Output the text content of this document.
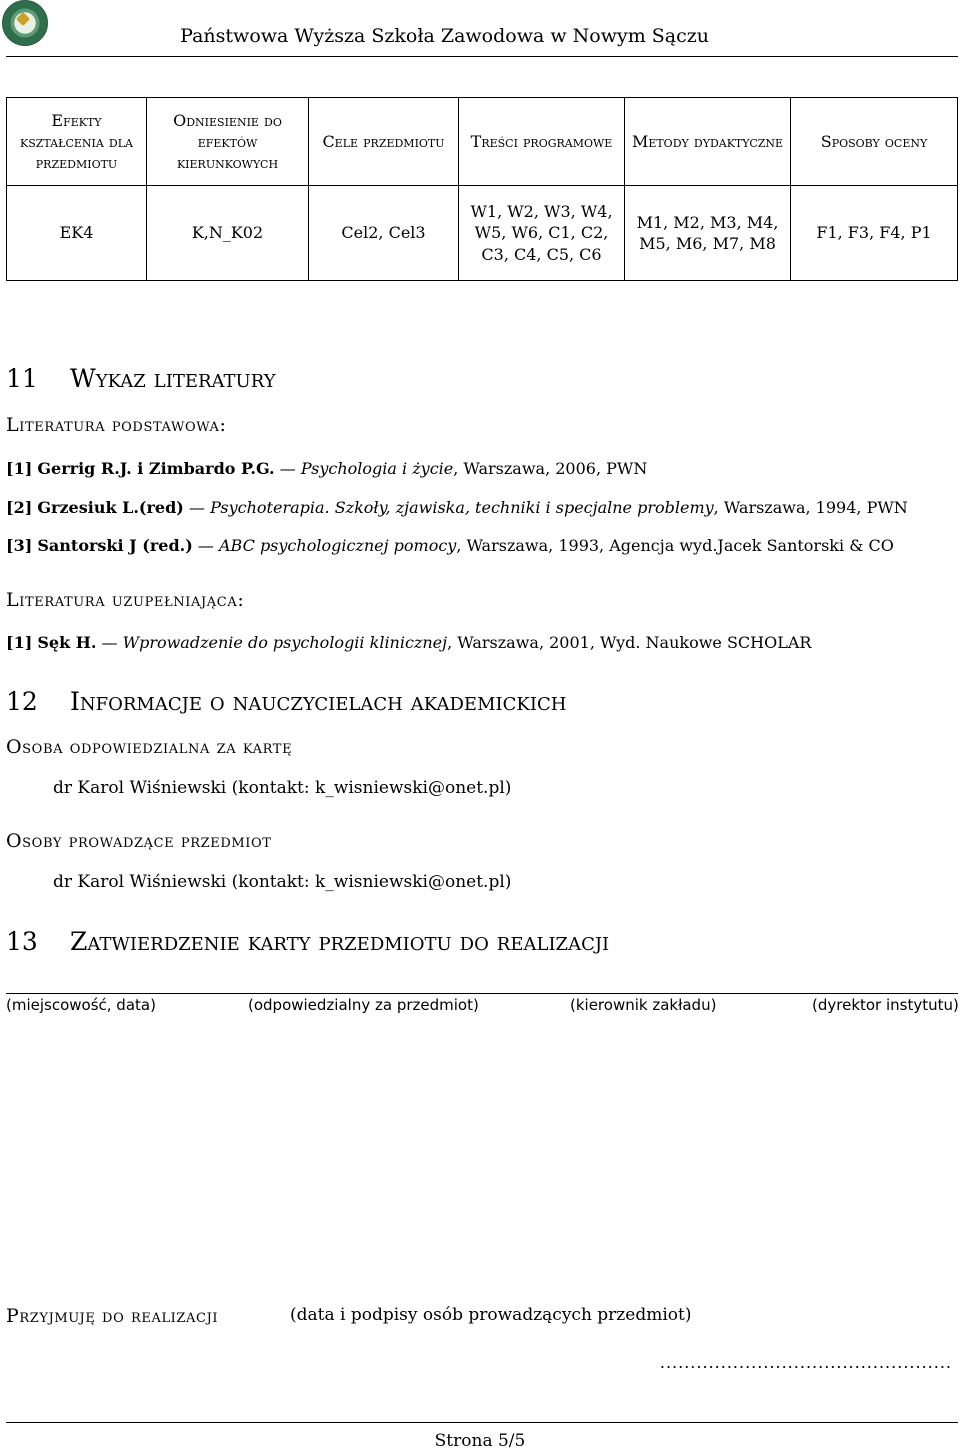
Państwowa Wyższa Szkoła Zawodowa w Nowym Sączu
Efekty kształcenia dla przedmiotu	Odniesienie do efektów kierunkowych	Cele przedmiotu	Treści programowe	Metody dydaktyczne	Sposoby oceny
EK4	K,N_K02	Cel2, Cel3	W1, W2, W3, W4, W5, W6, C1, C2, C3, C4, C5, C6	M1, M2, M3, M4, M5, M6, M7, M8	F1, F3, F4, P1
11 Wykaz literatury
Literatura podstawowa:
[1] Gerrig R.J. i Zimbardo P.G. — Psychologia i życie, Warszawa, 2006, PWN
[2] Grzesiuk L.(red) — Psychoterapia. Szkoły, zjawiska, techniki i specjalne problemy, Warszawa, 1994, PWN
[3] Santorski J (red.) — ABC psychologicznej pomocy, Warszawa, 1993, Agencja wyd.Jacek Santorski & CO
Literatura uzupełniająca:
[1] Sęk H. — Wprowadzenie do psychologii klinicznej, Warszawa, 2001, Wyd. Naukowe SCHOLAR
12 Informacje o nauczycielach akademickich
Osoba odpowiedzialna za kartę
dr Karol Wiśniewski (kontakt: k_wisniewski@onet.pl)
Osoby prowadzące przedmiot
dr Karol Wiśniewski (kontakt: k_wisniewski@onet.pl)
13 Zatwierdzenie karty przedmiotu do realizacji
(miejscowość, data)	(odpowiedzialny za przedmiot)	(kierownik zakładu)	(dyrektor instytutu)
Przyjmuję do realizacji	(data i podpisy osób prowadzących przedmiot)
................................................
Strona 5/5
